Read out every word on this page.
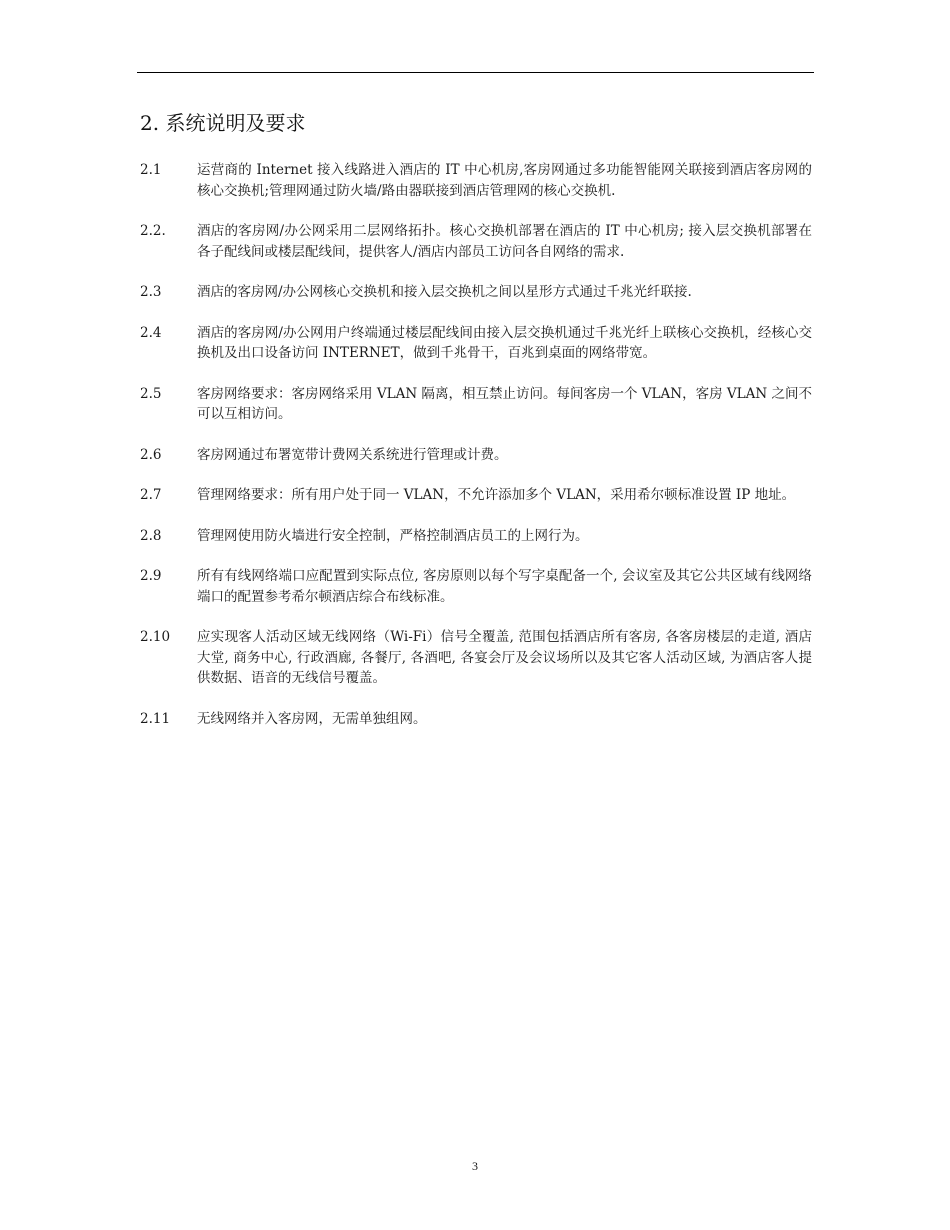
2. 系统说明及要求
2.1	运营商的 Internet 接入线路进入酒店的 IT 中心机房,客房网通过多功能智能网关联接到酒店客房网的核心交换机;管理网通过防火墙/路由器联接到酒店管理网的核心交换机.
2.2.	酒店的客房网/办公网采用二层网络拓扑。核心交换机部署在酒店的 IT 中心机房; 接入层交换机部署在各子配线间或楼层配线间，提供客人/酒店内部员工访问各自网络的需求.
2.3	酒店的客房网/办公网核心交换机和接入层交换机之间以星形方式通过千兆光纤联接.
2.4	酒店的客房网/办公网用户终端通过楼层配线间由接入层交换机通过千兆光纤上联核心交换机，经核心交换机及出口设备访问 INTERNET，做到千兆骨干，百兆到桌面的网络带宽。
2.5	客房网络要求：客房网络采用 VLAN 隔离，相互禁止访问。每间客房一个 VLAN，客房 VLAN 之间不可以互相访问。
2.6	客房网通过布署宽带计费网关系统进行管理或计费。
2.7	管理网络要求：所有用户处于同一 VLAN，不允许添加多个 VLAN，采用希尔顿标准设置 IP 地址。
2.8	管理网使用防火墙进行安全控制，严格控制酒店员工的上网行为。
2.9	所有有线网络端口应配置到实际点位, 客房原则以每个写字桌配备一个, 会议室及其它公共区域有线网络端口的配置参考希尔顿酒店综合布线标准。
2.10	应实现客人活动区域无线网络（Wi-Fi）信号全覆盖, 范围包括酒店所有客房, 各客房楼层的走道, 酒店大堂, 商务中心, 行政酒廊, 各餐厅, 各酒吧, 各宴会厅及会议场所以及其它客人活动区域, 为酒店客人提供数据、语音的无线信号覆盖。
2.11	无线网络并入客房网，无需单独组网。
3
